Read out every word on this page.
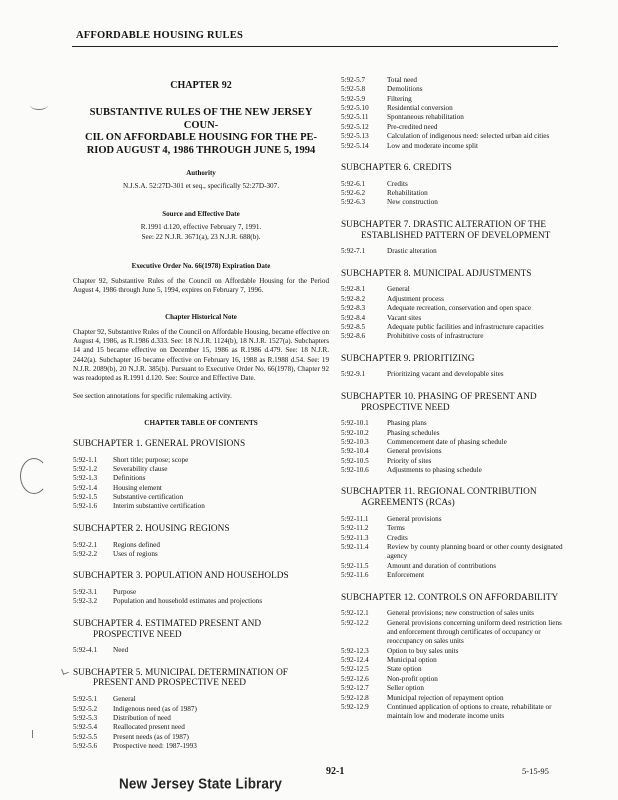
AFFORDABLE HOUSING RULES
CHAPTER 92
SUBSTANTIVE RULES OF THE NEW JERSEY COUN-
CIL ON AFFORDABLE HOUSING FOR THE PE-
RIOD AUGUST 4, 1986 THROUGH JUNE 5, 1994
Authority
N.J.S.A. 52:27D-301 et seq., specifically 52:27D-307.
Source and Effective Date
R.1991 d.120, effective February 7, 1991.
See: 22 N.J.R. 3671(a), 23 N.J.R. 688(b).
Executive Order No. 66(1978) Expiration Date
Chapter 92, Substantive Rules of the Council on Affordable Housing for the Period August 4, 1986 through June 5, 1994, expires on February 7, 1996.
Chapter Historical Note
Chapter 92, Substantive Rules of the Council on Affordable Housing, became effective on August 4, 1986, as R.1986 d.333. See: 18 N.J.R. 1124(b), 18 N.J.R. 1527(a). Subchapters 14 and 15 became effective on December 15, 1986 as R.1986 d.479. See: 18 N.J.R. 2442(a). Subchapter 16 became effective on February 16, 1988 as R.1988 d.54. See: 19 N.J.R. 2089(b), 20 N.J.R. 385(b). Pursuant to Executive Order No. 66(1978), Chapter 92 was readopted as R.1991 d.120. See: Source and Effective Date.
See section annotations for specific rulemaking activity.
CHAPTER TABLE OF CONTENTS
SUBCHAPTER 1. GENERAL PROVISIONS
5:92-1.1	Short title; purpose; scope
5:92-1.2	Severability clause
5:92-1.3	Definitions
5:92-1.4	Housing element
5:92-1.5	Substantive certification
5:92-1.6	Interim substantive certification
SUBCHAPTER 2. HOUSING REGIONS
5:92-2.1	Regions defined
5:92-2.2	Uses of regions
SUBCHAPTER 3. POPULATION AND HOUSEHOLDS
5:92-3.1	Purpose
5:92-3.2	Population and household estimates and projections
SUBCHAPTER 4. ESTIMATED PRESENT AND
PROSPECTIVE NEED
5:92-4.1	Need
SUBCHAPTER 5. MUNICIPAL DETERMINATION OF
PRESENT AND PROSPECTIVE NEED
5:92-5.1	General
5:92-5.2	Indigenous need (as of 1987)
5:92-5.3	Distribution of need
5:92-5.4	Reallocated present need
5:92-5.5	Present needs (as of 1987)
5:92-5.6	Prospective need: 1987-1993
5:92-5.7	Total need
5:92-5.8	Demolitions
5:92-5.9	Filtering
5:92-5.10	Residential conversion
5:92-5.11	Spontaneous rehabilitation
5:92-5.12	Pre-credited need
5:92-5.13	Calculation of indigenous need: selected urban aid cities
5:92-5.14	Low and moderate income split
SUBCHAPTER 6. CREDITS
5:92-6.1	Credits
5:92-6.2	Rehabilitation
5:92-6.3	New construction
SUBCHAPTER 7. DRASTIC ALTERATION OF THE
ESTABLISHED PATTERN OF DEVELOPMENT
5:92-7.1	Drastic alteration
SUBCHAPTER 8. MUNICIPAL ADJUSTMENTS
5:92-8.1	General
5:92-8.2	Adjustment process
5:92-8.3	Adequate recreation, conservation and open space
5:92-8.4	Vacant sites
5:92-8.5	Adequate public facilities and infrastructure capacities
5:92-8.6	Prohibitive costs of infrastructure
SUBCHAPTER 9. PRIORITIZING
5:92-9.1	Prioritizing vacant and developable sites
SUBCHAPTER 10. PHASING OF PRESENT AND
PROSPECTIVE NEED
5:92-10.1	Phasing plans
5:92-10.2	Phasing schedules
5:92-10.3	Commencement date of phasing schedule
5:92-10.4	General provisions
5:92-10.5	Priority of sites
5:92-10.6	Adjustments to phasing schedule
SUBCHAPTER 11. REGIONAL CONTRIBUTION
AGREEMENTS (RCAs)
5:92-11.1	General provisions
5:92-11.2	Terms
5:92-11.3	Credits
5:92-11.4	Review by county planning board or other county designated agency
5:92-11.5	Amount and duration of contributions
5:92-11.6	Enforcement
SUBCHAPTER 12. CONTROLS ON AFFORDABILITY
5:92-12.1	General provisions; new construction of sales units
5:92-12.2	General provisions concerning uniform deed restriction liens and enforcement through certificates of occupancy or reoccupancy on sales units
5:92-12.3	Option to buy sales units
5:92-12.4	Municipal option
5:92-12.5	State option
5:92-12.6	Non-profit option
5:92-12.7	Seller option
5:92-12.8	Municipal rejection of repayment option
5:92-12.9	Continued application of options to create, rehabilitate or maintain low and moderate income units
92-1	5-15-95
New Jersey State Library
